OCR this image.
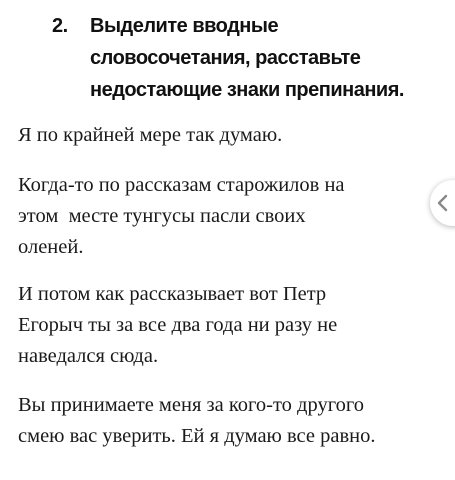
2. Выделите вводные
словосочетания, расставьте
недостающие знаки препинания.

Я по крайней мере так думаю.

Когда-то по рассказам старожилов на
этом  месте тунгусы пасли своих
оленей.

И потом как рассказывает вот Петр
Егорыч ты за все два года ни разу не
наведался сюда.

Вы принимаете меня за кого-то другого
смею вас уверить. Ей я думаю все равно.
